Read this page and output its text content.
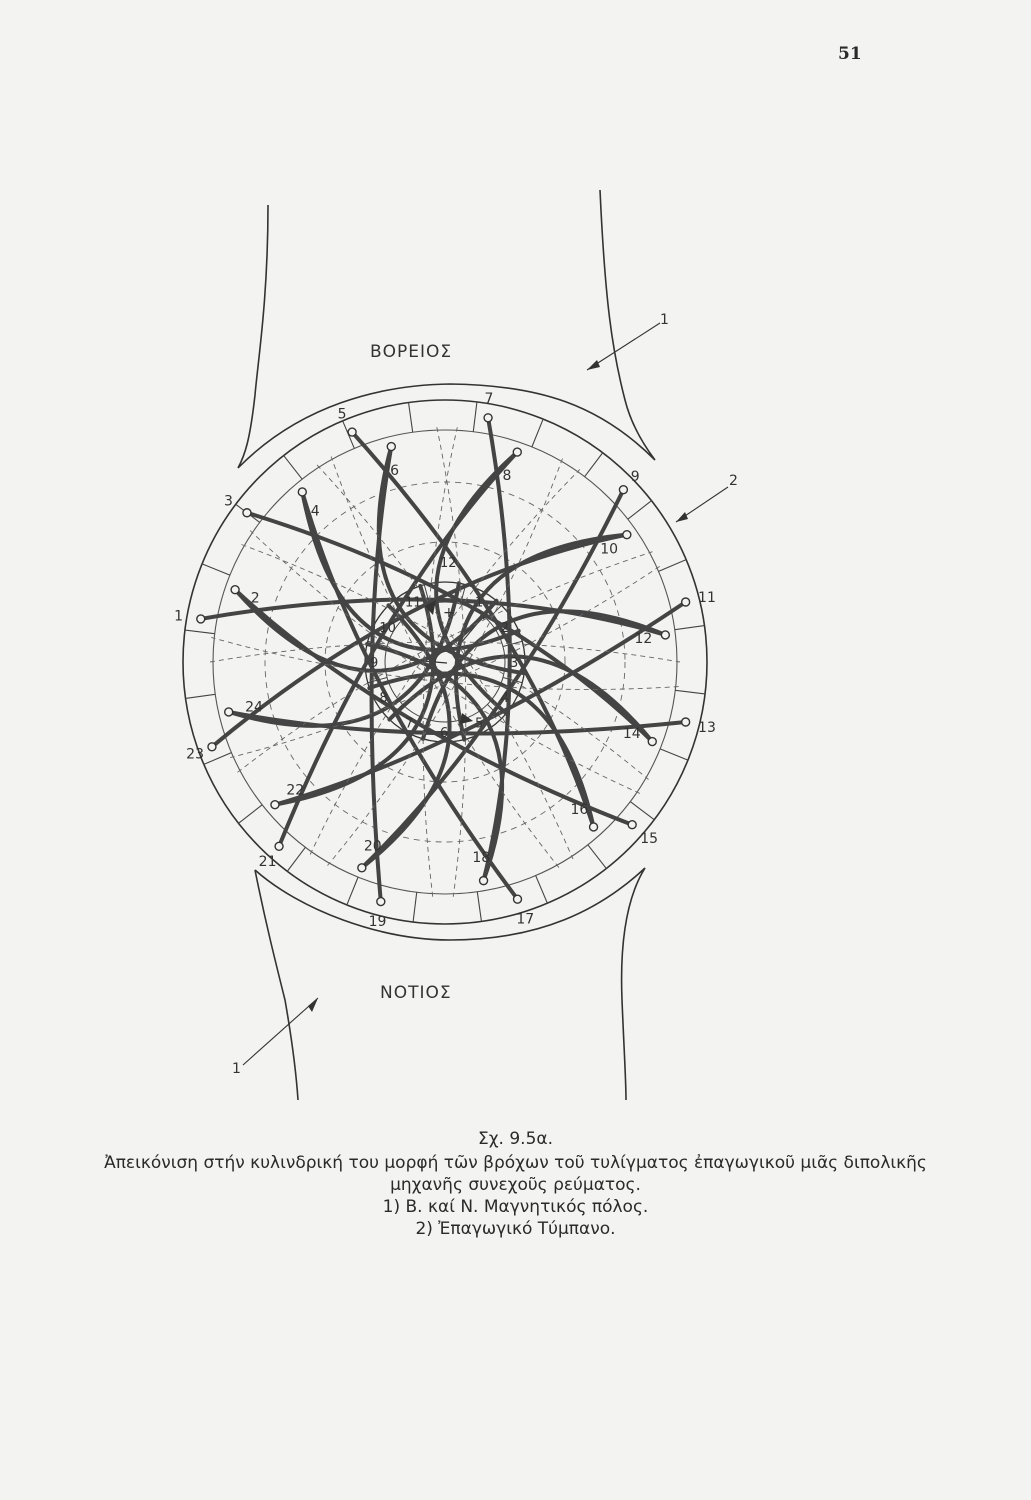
51
1
2
3
4
5
6
7
8	9
10
11
12
13
14
15
16
17
18
19
20
21
22
23
24
1
2
3
4
5
6
7
8
9
10
11
12
+
-
ΒΟΡΕΙΟΣ
ΝΟΤΙΟΣ
1
2
1
Σχ. 9.5α.
Ἀπεικόνιση στήν κυλινδρική του μορφή τῶν βρόχων τοῦ τυλίγματος ἐπαγωγικοῦ μιᾶς διπολικῆς
μηχανῆς συνεχοῦς ρεύματος.
1) Β. καί Ν. Μαγνητικός πόλος.
2) Ἐπαγωγικό Τύμπανο.
